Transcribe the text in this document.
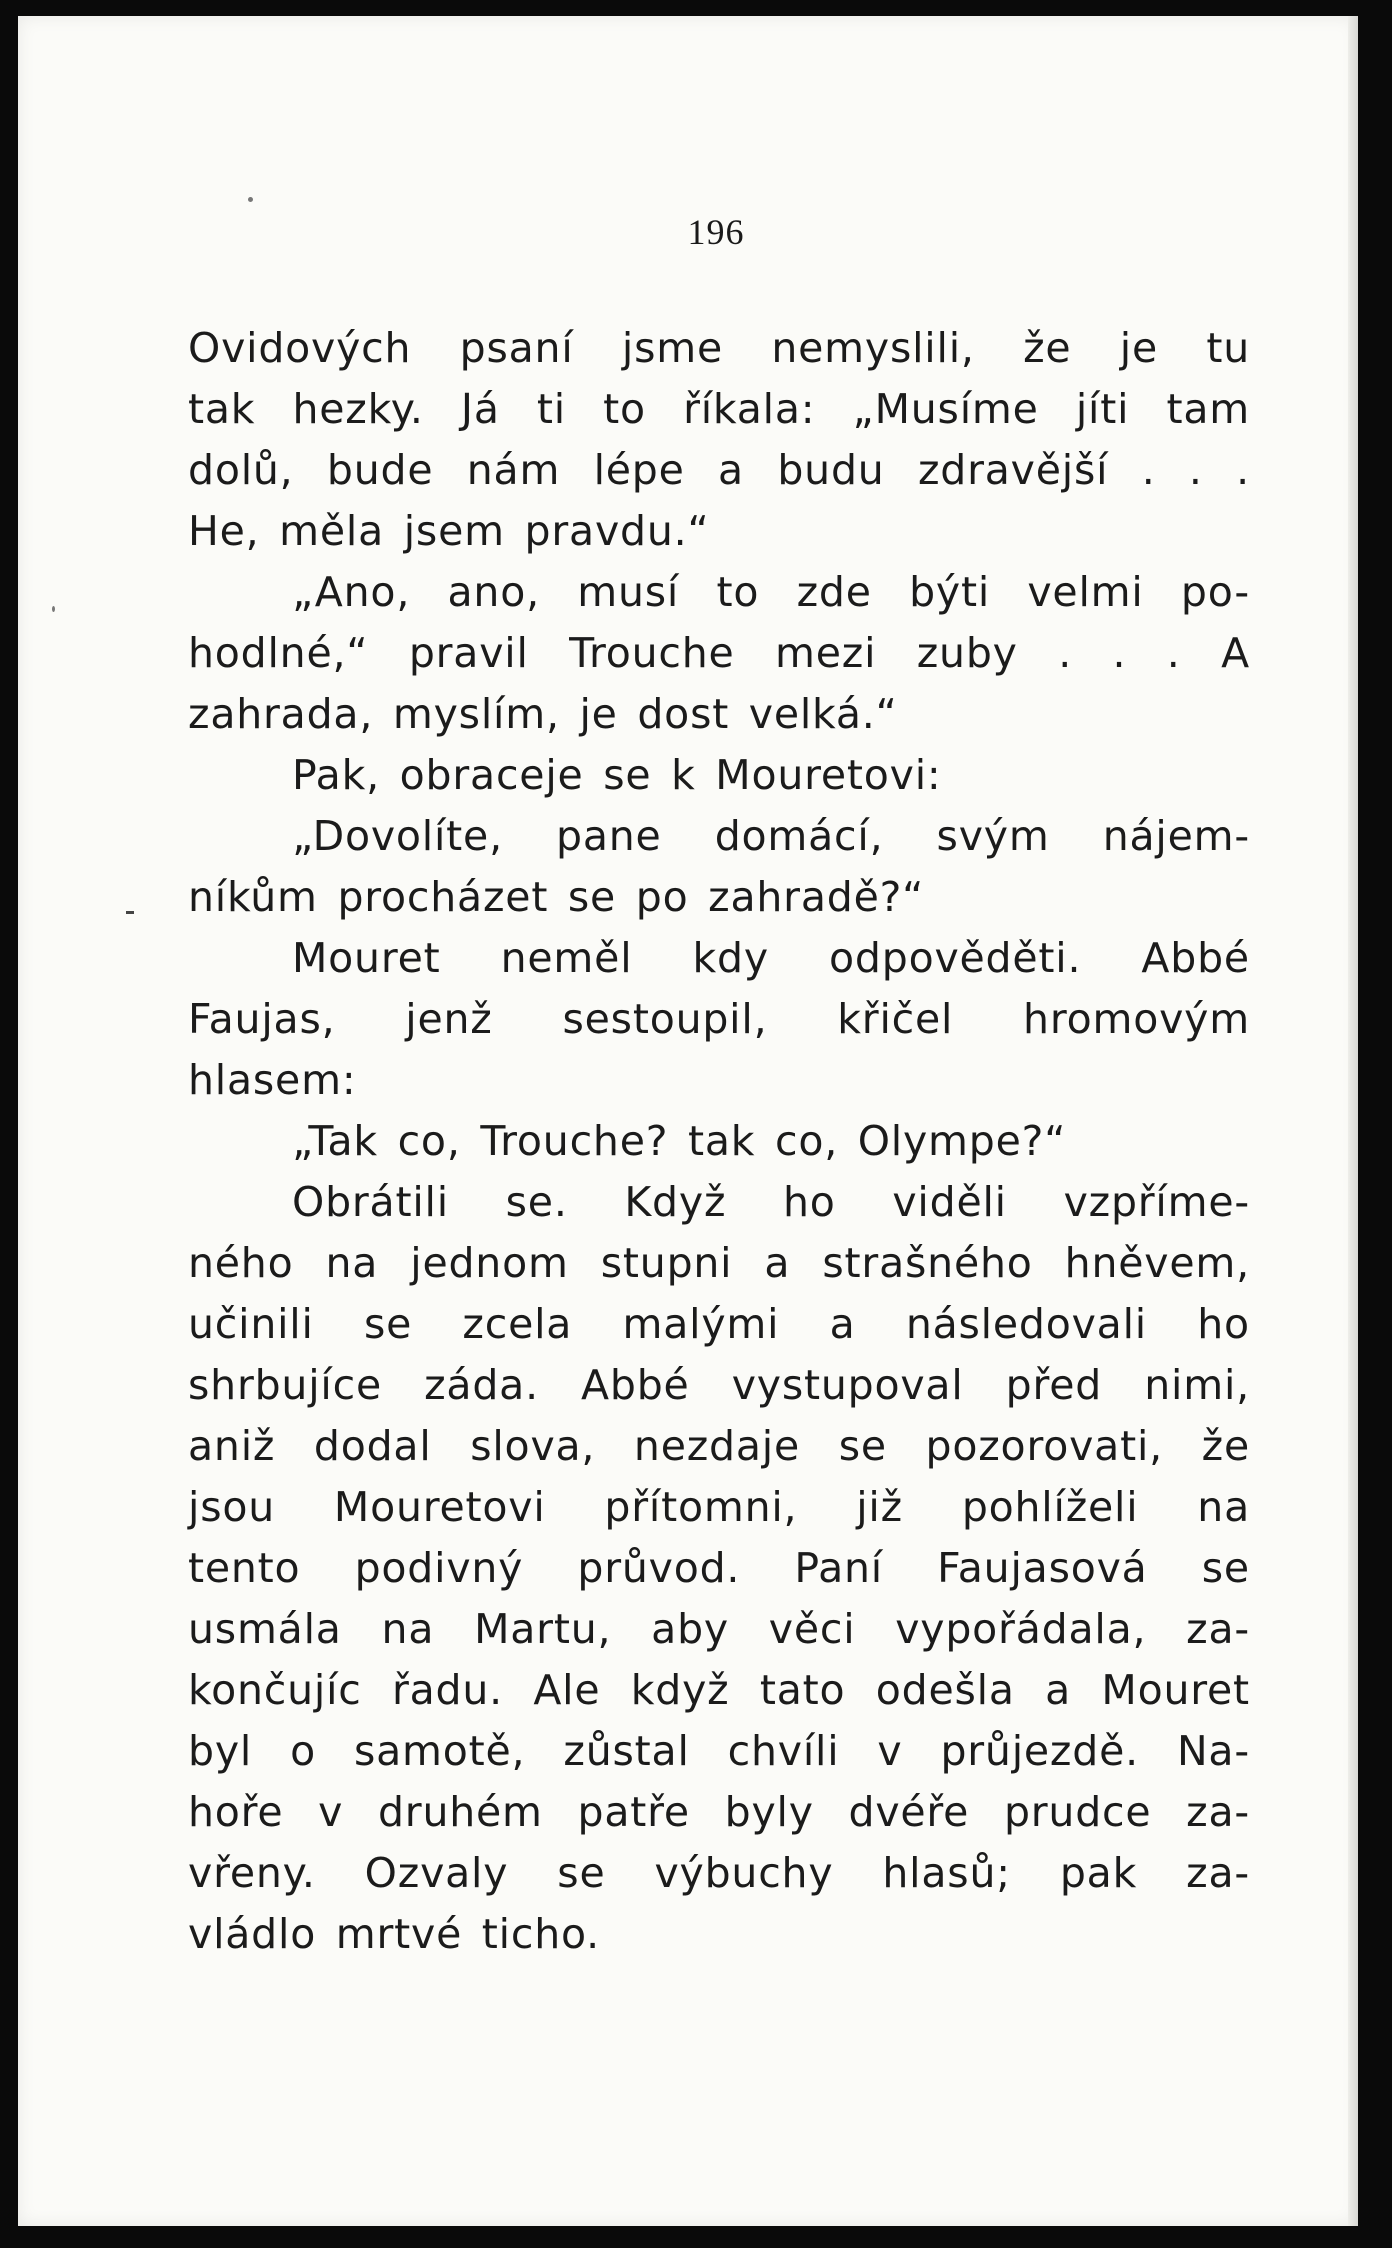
196
Ovidových psaní jsme nemyslili, že je tu
tak hezky. Já ti to říkala: „Musíme jíti tam
dolů, bude nám lépe a budu zdravější . . .
He, měla jsem pravdu.“
„Ano, ano, musí to zde býti velmi po-
hodlné,“ pravil Trouche mezi zuby . . . A
zahrada, myslím, je dost velká.“
Pak, obraceje se k Mouretovi:
„Dovolíte, pane domácí, svým nájem-
níkům procházet se po zahradě?“
Mouret neměl kdy odpověděti. Abbé
Faujas, jenž sestoupil, křičel hromovým
hlasem:
„Tak co, Trouche? tak co, Olympe?“
Obrátili se. Když ho viděli vzpříme-
ného na jednom stupni a strašného hněvem,
učinili se zcela malými a následovali ho
shrbujíce záda. Abbé vystupoval před nimi,
aniž dodal slova, nezdaje se pozorovati, že
jsou Mouretovi přítomni, již pohlíželi na
tento podivný průvod. Paní Faujasová se
usmála na Martu, aby věci vypořádala, za-
končujíc řadu. Ale když tato odešla a Mouret
byl o samotě, zůstal chvíli v průjezdě. Na-
hoře v druhém patře byly dvéře prudce za-
vřeny. Ozvaly se výbuchy hlasů; pak za-
vládlo mrtvé ticho.
